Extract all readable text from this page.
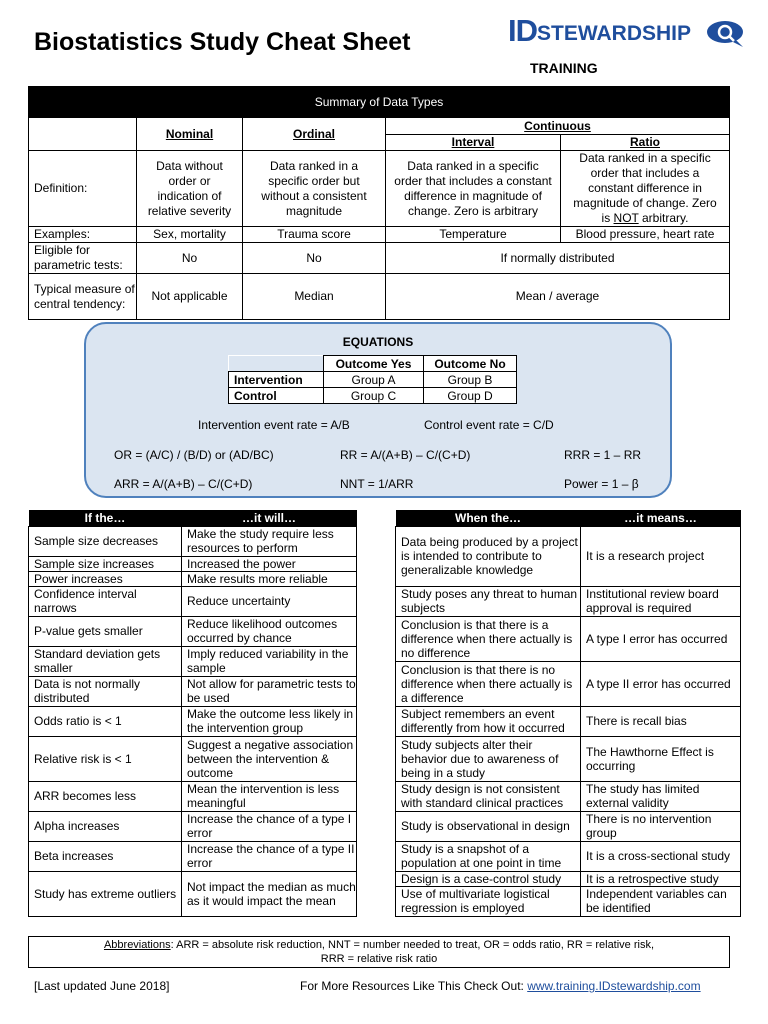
Biostatistics Study Cheat Sheet	ID STEWARDSHIP
TRAINING
Summary of Data Types				
	Nominal	Ordinal	Continuous	
			Interval	Ratio
Definition:	Data without order or indication of relative severity	Data ranked in a specific order but without a consistent magnitude	Data ranked in a specific order that includes a constant difference in magnitude of change. Zero is arbitrary	Data ranked in a specific order that includes a constant difference in magnitude of change. Zero is NOT arbitrary.
Examples:	Sex, mortality	Trauma score	Temperature	Blood pressure, heart rate
Eligible for parametric tests:	No	No	If normally distributed	
Typical measure of central tendency:	Not applicable	Median	Mean / average	
EQUATIONS
	Outcome Yes	Outcome No
Intervention	Group A	Group B
Control	Group C	Group D
Intervention event rate = A/B	Control event rate = C/D
OR = (A/C) / (B/D) or (AD/BC)	RR = A/(A+B) – C/(C+D)	RRR = 1 – RR
ARR = A/(A+B) – C/(C+D)	NNT = 1/ARR	Power = 1 – β
If the…	…it will…
Sample size decreases	Make the study require less resources to perform
Sample size increases	Increased the power
Power increases	Make results more reliable
Confidence interval narrows	Reduce uncertainty
P-value gets smaller	Reduce likelihood outcomes occurred by chance
Standard deviation gets smaller	Imply reduced variability in the sample
Data is not normally distributed	Not allow for parametric tests to be used
Odds ratio is < 1	Make the outcome less likely in the intervention group
Relative risk is < 1	Suggest a negative association between the intervention & outcome
ARR becomes less	Mean the intervention is less meaningful
Alpha increases	Increase the chance of a type I error
Beta increases	Increase the chance of a type II error
Study has extreme outliers	Not impact the median as much as it would impact the mean
When the…	…it means…
Data being produced by a project is intended to contribute to generalizable knowledge	It is a research project
Study poses any threat to human subjects	Institutional review board approval is required
Conclusion is that there is a difference when there actually is no difference	A type I error has occurred
Conclusion is that there is no difference when there actually is a difference	A type II error has occurred
Subject remembers an event differently from how it occurred	There is recall bias
Study subjects alter their behavior due to awareness of being in a study	The Hawthorne Effect is occurring
Study design is not consistent with standard clinical practices	The study has limited external validity
Study is observational in design	There is no intervention group
Study is a snapshot of a population at one point in time	It is a cross-sectional study
Design is a case-control study	It is a retrospective study
Use of multivariate logistical regression is employed	Independent variables can be identified
Abbreviations: ARR = absolute risk reduction, NNT = number needed to treat, OR = odds ratio, RR = relative risk,
RRR = relative risk ratio
[Last updated June 2018]	For More Resources Like This Check Out: www.training.IDstewardship.com
